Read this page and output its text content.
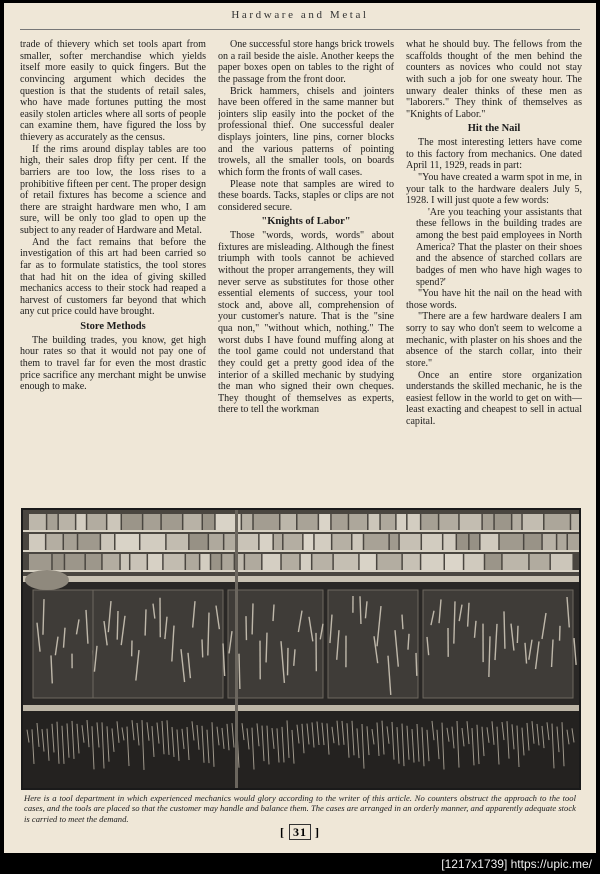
Hardware and Metal

trade of thievery which set tools apart from smaller, softer merchandise which yields itself more easily to quick fingers. But the convincing argument which decides the question is that the students of retail sales, who have made fortunes putting the most easily stolen articles where all sorts of people can examine them, have figured the loss by thievery as accurately as the census.

If the rims around display tables are too high, their sales drop fifty per cent. If the barriers are too low, the loss rises to a prohibitive fifteen per cent. The proper design of retail fixtures has become a science and there are straight hardware men who, I am sure, will be only too glad to open up the subject to any reader of Hardware and Metal.

And the fact remains that before the investigation of this art had been carried so far as to formulate statistics, the tool stores that had hit on the idea of giving skilled mechanics access to their stock had reaped a harvest of customers far beyond that which any cut price could have brought.

Store Methods

The building trades, you know, get high hour rates so that it would not pay one of them to travel far for even the most drastic price sacrifice any merchant might be unwise enough to make.

One successful store hangs brick trowels on a rail beside the aisle. Another keeps the paper boxes open on tables to the right of the passage from the front door.

Brick hammers, chisels and jointers have been offered in the same manner but jointers slip easily into the pocket of the professional thief. One successful dealer displays jointers, line pins, corner blocks and the various patterns of pointing trowels, all the smaller tools, on boards which form the fronts of wall cases.

Please note that samples are wired to these boards. Tacks, staples or clips are not considered secure.

"Knights of Labor"

Those "words, words, words" about fixtures are misleading. Although the finest triumph with tools cannot be achieved without the proper arrangements, they will never serve as substitutes for those other essential elements of success, your tool stock and, above all, comprehension of your customer's nature. That is the "sine qua non," "without which, nothing." The worst dubs I have found muffing along at the tool game could not understand that they could get a pretty good idea of the interior of a skilled mechanic by studying the man who signed their own cheques. They thought of themselves as experts, there to tell the workman

what he should buy. The fellows from the scaffolds thought of the men behind the counters as novices who could not stay with such a job for one sweaty hour. The unwary dealer thinks of these men as "laborers." They think of themselves as "Knights of Labor."

Hit the Nail

The most interesting letters have come to this factory from mechanics. One dated April 11, 1929, reads in part:

"You have created a warm spot in me, in your talk to the hardware dealers July 5, 1928. I will just quote a few words:

'Are you teaching your assistants that these fellows in the building trades are among the best paid employees in North America? That the plaster on their shoes and the absence of starched collars are badges of men who have high wages to spend?'

"You have hit the nail on the head with those words.

"There are a few hardware dealers I am sorry to say who don't seem to welcome a mechanic, with plaster on his shoes and the absence of the starch collar, into their store."

Once an entire store organization understands the skilled mechanic, he is the easiest fellow in the world to get on with—least exacting and cheapest to sell in actual capital.

Here is a tool department in which experienced mechanics would glory according to the writer of this article. No counters obstruct the approach to the tool cases, and the tools are placed so that the customer may handle and balance them. The cases are arranged in an orderly manner, and apparently adequate stock is carried to meet the demand.
[ 31 ]
[1217x1739] https://upic.me/
